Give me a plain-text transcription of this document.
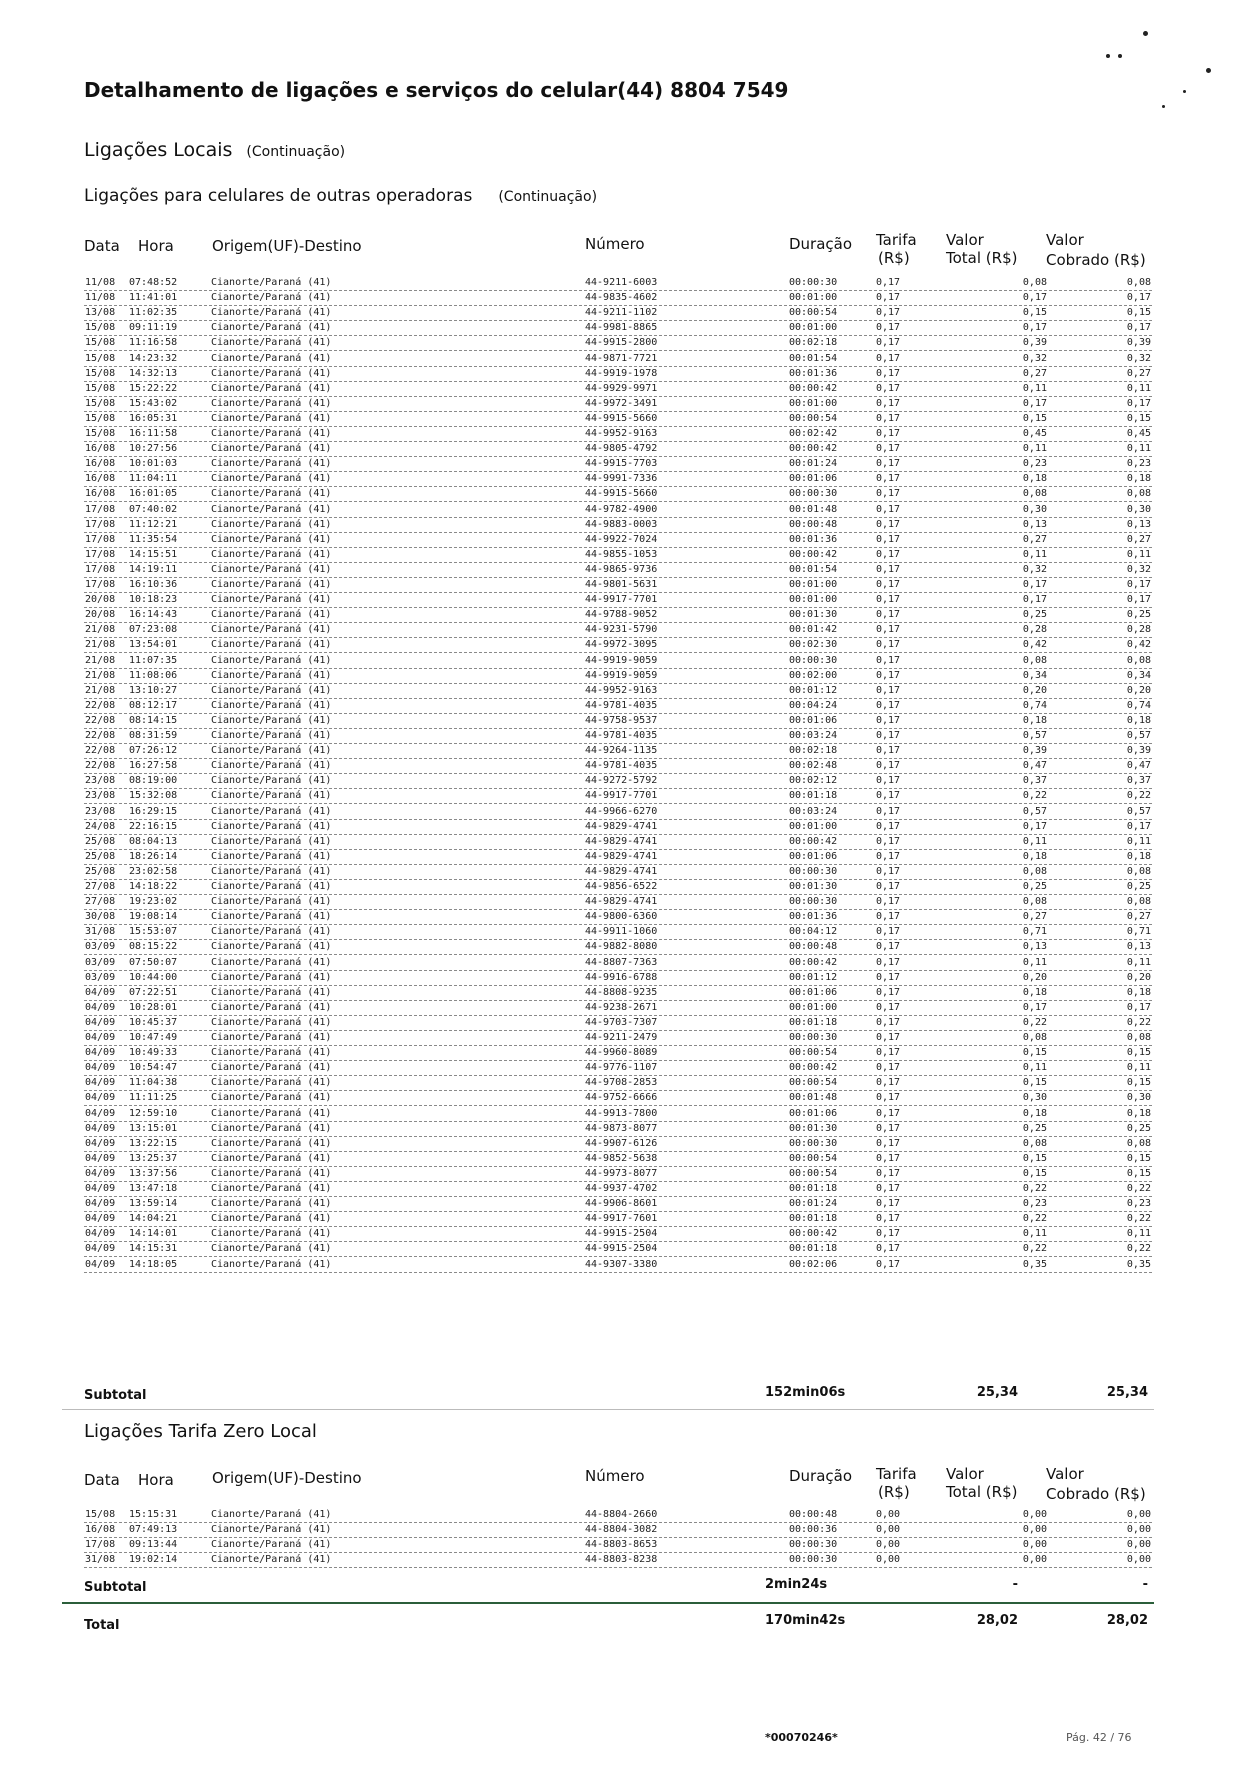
Detalhamento de ligações e serviços do celular(44) 8804 7549
Ligações Locais (Continuação)
Ligações para celulares de outras operadoras (Continuação)
Data Hora	Origem(UF)-Destino	Número	Duração Tarifa
(R$)
Valor
Total (R$)
Valor
Cobrado (R$)
11/08 07:48:52	Cianorte/Paraná (41)	44-9211-6003	00:00:30	0,17	0,08	0,08
11/08 11:41:01	Cianorte/Paraná (41)	44-9835-4602	00:01:00	0,17	0,17	0,17
13/08 11:02:35	Cianorte/Paraná (41)	44-9211-1102	00:00:54	0,17	0,15	0,15
15/08 09:11:19	Cianorte/Paraná (41)	44-9981-8865	00:01:00	0,17	0,17	0,17
15/08 11:16:58	Cianorte/Paraná (41)	44-9915-2800	00:02:18	0,17	0,39	0,39
15/08 14:23:32	Cianorte/Paraná (41)	44-9871-7721	00:01:54	0,17	0,32	0,32
15/08 14:32:13	Cianorte/Paraná (41)	44-9919-1978	00:01:36	0,17	0,27	0,27
15/08 15:22:22	Cianorte/Paraná (41)	44-9929-9971	00:00:42	0,17	0,11	0,11
15/08 15:43:02	Cianorte/Paraná (41)	44-9972-3491	00:01:00	0,17	0,17	0,17
15/08 16:05:31	Cianorte/Paraná (41)	44-9915-5660	00:00:54	0,17	0,15	0,15
15/08 16:11:58	Cianorte/Paraná (41)	44-9952-9163	00:02:42	0,17	0,45	0,45
16/08 10:27:56	Cianorte/Paraná (41)	44-9805-4792	00:00:42	0,17	0,11	0,11
16/08 10:01:03	Cianorte/Paraná (41)	44-9915-7703	00:01:24	0,17	0,23	0,23
16/08 11:04:11	Cianorte/Paraná (41)	44-9991-7336	00:01:06	0,17	0,18	0,18
16/08 16:01:05	Cianorte/Paraná (41)	44-9915-5660	00:00:30	0,17	0,08	0,08
17/08 07:40:02	Cianorte/Paraná (41)	44-9782-4900	00:01:48	0,17	0,30	0,30
17/08 11:12:21	Cianorte/Paraná (41)	44-9883-0003	00:00:48	0,17	0,13	0,13
17/08 11:35:54	Cianorte/Paraná (41)	44-9922-7024	00:01:36	0,17	0,27	0,27
17/08 14:15:51	Cianorte/Paraná (41)	44-9855-1053	00:00:42	0,17	0,11	0,11
17/08 14:19:11	Cianorte/Paraná (41)	44-9865-9736	00:01:54	0,17	0,32	0,32
17/08 16:10:36	Cianorte/Paraná (41)	44-9801-5631	00:01:00	0,17	0,17	0,17
20/08 10:18:23	Cianorte/Paraná (41)	44-9917-7701	00:01:00	0,17	0,17	0,17
20/08 16:14:43	Cianorte/Paraná (41)	44-9788-9052	00:01:30	0,17	0,25	0,25
21/08 07:23:08	Cianorte/Paraná (41)	44-9231-5790	00:01:42	0,17	0,28	0,28
21/08 13:54:01	Cianorte/Paraná (41)	44-9972-3095	00:02:30	0,17	0,42	0,42
21/08 11:07:35	Cianorte/Paraná (41)	44-9919-9059	00:00:30	0,17	0,08	0,08
21/08 11:08:06	Cianorte/Paraná (41)	44-9919-9059	00:02:00	0,17	0,34	0,34
21/08 13:10:27	Cianorte/Paraná (41)	44-9952-9163	00:01:12	0,17	0,20	0,20
22/08 08:12:17	Cianorte/Paraná (41)	44-9781-4035	00:04:24	0,17	0,74	0,74
22/08 08:14:15	Cianorte/Paraná (41)	44-9758-9537	00:01:06	0,17	0,18	0,18
22/08 08:31:59	Cianorte/Paraná (41)	44-9781-4035	00:03:24	0,17	0,57	0,57
22/08 07:26:12	Cianorte/Paraná (41)	44-9264-1135	00:02:18	0,17	0,39	0,39
22/08 16:27:58	Cianorte/Paraná (41)	44-9781-4035	00:02:48	0,17	0,47	0,47
23/08 08:19:00	Cianorte/Paraná (41)	44-9272-5792	00:02:12	0,17	0,37	0,37
23/08 15:32:08	Cianorte/Paraná (41)	44-9917-7701	00:01:18	0,17	0,22	0,22
23/08 16:29:15	Cianorte/Paraná (41)	44-9966-6270	00:03:24	0,17	0,57	0,57
24/08 22:16:15	Cianorte/Paraná (41)	44-9829-4741	00:01:00	0,17	0,17	0,17
25/08 08:04:13	Cianorte/Paraná (41)	44-9829-4741	00:00:42	0,17	0,11	0,11
25/08 18:26:14	Cianorte/Paraná (41)	44-9829-4741	00:01:06	0,17	0,18	0,18
25/08 23:02:58	Cianorte/Paraná (41)	44-9829-4741	00:00:30	0,17	0,08	0,08
27/08 14:18:22	Cianorte/Paraná (41)	44-9856-6522	00:01:30	0,17	0,25	0,25
27/08 19:23:02	Cianorte/Paraná (41)	44-9829-4741	00:00:30	0,17	0,08	0,08
30/08 19:08:14	Cianorte/Paraná (41)	44-9800-6360	00:01:36	0,17	0,27	0,27
31/08 15:53:07	Cianorte/Paraná (41)	44-9911-1060	00:04:12	0,17	0,71	0,71
03/09 08:15:22	Cianorte/Paraná (41)	44-9882-8080	00:00:48	0,17	0,13	0,13
03/09 07:50:07	Cianorte/Paraná (41)	44-8807-7363	00:00:42	0,17	0,11	0,11
03/09 10:44:00	Cianorte/Paraná (41)	44-9916-6788	00:01:12	0,17	0,20	0,20
04/09 07:22:51	Cianorte/Paraná (41)	44-8808-9235	00:01:06	0,17	0,18	0,18
04/09 10:28:01	Cianorte/Paraná (41)	44-9238-2671	00:01:00	0,17	0,17	0,17
04/09 10:45:37	Cianorte/Paraná (41)	44-9703-7307	00:01:18	0,17	0,22	0,22
04/09 10:47:49	Cianorte/Paraná (41)	44-9211-2479	00:00:30	0,17	0,08	0,08
04/09 10:49:33	Cianorte/Paraná (41)	44-9960-8089	00:00:54	0,17	0,15	0,15
04/09 10:54:47	Cianorte/Paraná (41)	44-9776-1107	00:00:42	0,17	0,11	0,11
04/09 11:04:38	Cianorte/Paraná (41)	44-9708-2853	00:00:54	0,17	0,15	0,15
04/09 11:11:25	Cianorte/Paraná (41)	44-9752-6666	00:01:48	0,17	0,30	0,30
04/09 12:59:10	Cianorte/Paraná (41)	44-9913-7800	00:01:06	0,17	0,18	0,18
04/09 13:15:01	Cianorte/Paraná (41)	44-9873-8077	00:01:30	0,17	0,25	0,25
04/09 13:22:15	Cianorte/Paraná (41)	44-9907-6126	00:00:30	0,17	0,08	0,08
04/09 13:25:37	Cianorte/Paraná (41)	44-9852-5638	00:00:54	0,17	0,15	0,15
04/09 13:37:56	Cianorte/Paraná (41)	44-9973-8077	00:00:54	0,17	0,15	0,15
04/09 13:47:18	Cianorte/Paraná (41)	44-9937-4702	00:01:18	0,17	0,22	0,22
04/09 13:59:14	Cianorte/Paraná (41)	44-9906-8601	00:01:24	0,17	0,23	0,23
04/09 14:04:21	Cianorte/Paraná (41)	44-9917-7601	00:01:18	0,17	0,22	0,22
04/09 14:14:01	Cianorte/Paraná (41)	44-9915-2504	00:00:42	0,17	0,11	0,11
04/09 14:15:31	Cianorte/Paraná (41)	44-9915-2504	00:01:18	0,17	0,22	0,22
04/09 14:18:05	Cianorte/Paraná (41)	44-9307-3380	00:02:06	0,17	0,35	0,35
Subtotal	152min06s	25,34	25,34
Ligações Tarifa Zero Local
Data Hora	Origem(UF)-Destino	Número	Duração Tarifa
(R$)
Valor
Total (R$)
Valor
Cobrado (R$)
15/08 15:15:31	Cianorte/Paraná (41)	44-8804-2660	00:00:48	0,00	0,00	0,00
16/08 07:49:13	Cianorte/Paraná (41)	44-8804-3082	00:00:36	0,00	0,00	0,00
17/08 09:13:44	Cianorte/Paraná (41)	44-8803-8653	00:00:30	0,00	0,00	0,00
31/08 19:02:14	Cianorte/Paraná (41)	44-8803-8238	00:00:30	0,00	0,00	0,00
Subtotal	2min24s	-	-
Total	170min42s	28,02	28,02
*00070246*	Pág. 42 / 76
